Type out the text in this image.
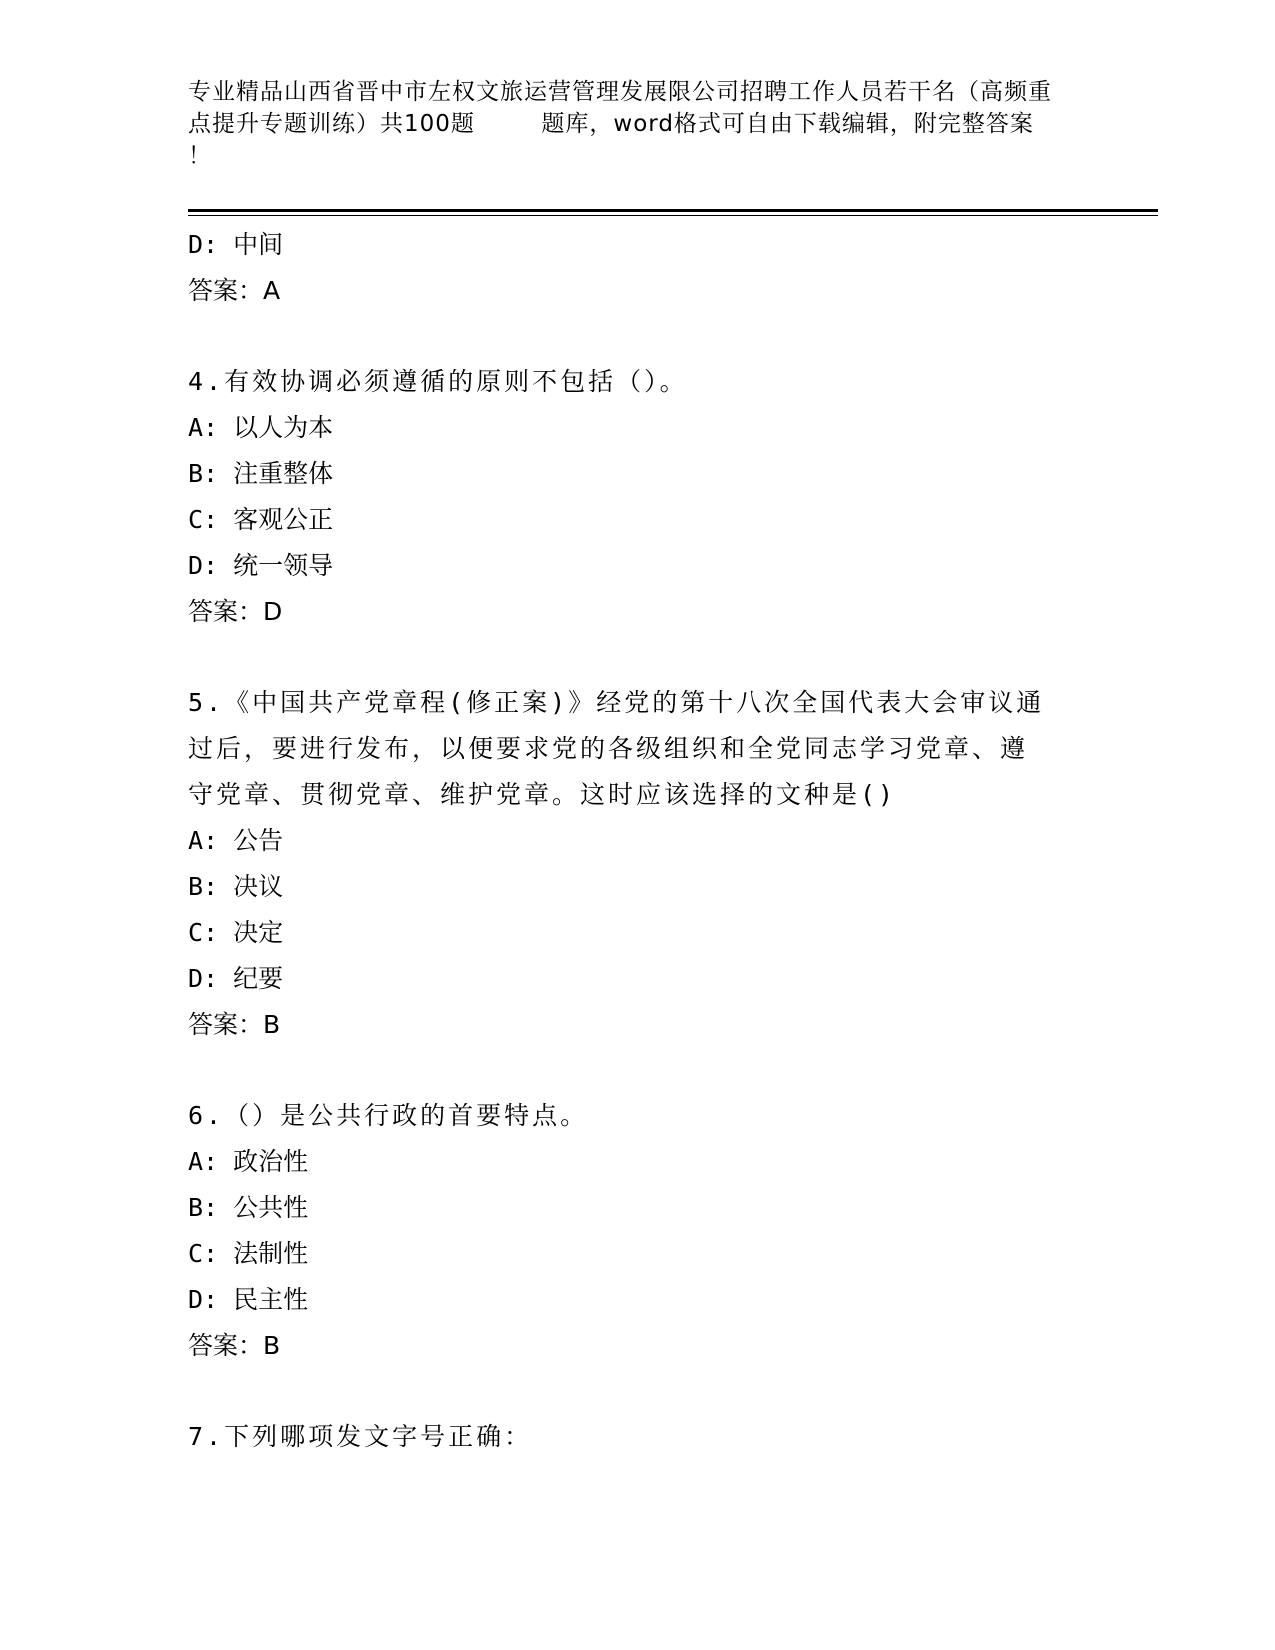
专业精品山西省晋中市左权文旅运营管理发展限公司招聘工作人员若干名（高频重
点提升专题训练）共100题        题库，word格式可自由下载编辑，附完整答案
！
D: 中间
答案：A
4.有效协调必须遵循的原则不包括（）。
A: 以人为本
B: 注重整体
C: 客观公正
D: 统一领导
答案：D
5.《中国共产党章程(修正案)》经党的第十八次全国代表大会审议通
过后，要进行发布，以便要求党的各级组织和全党同志学习党章、遵
守党章、贯彻党章、维护党章。这时应该选择的文种是()
A: 公告
B: 决议
C: 决定
D: 纪要
答案：B
6.（）是公共行政的首要特点。
A: 政治性
B: 公共性
C: 法制性
D: 民主性
答案：B
7.下列哪项发文字号正确：
